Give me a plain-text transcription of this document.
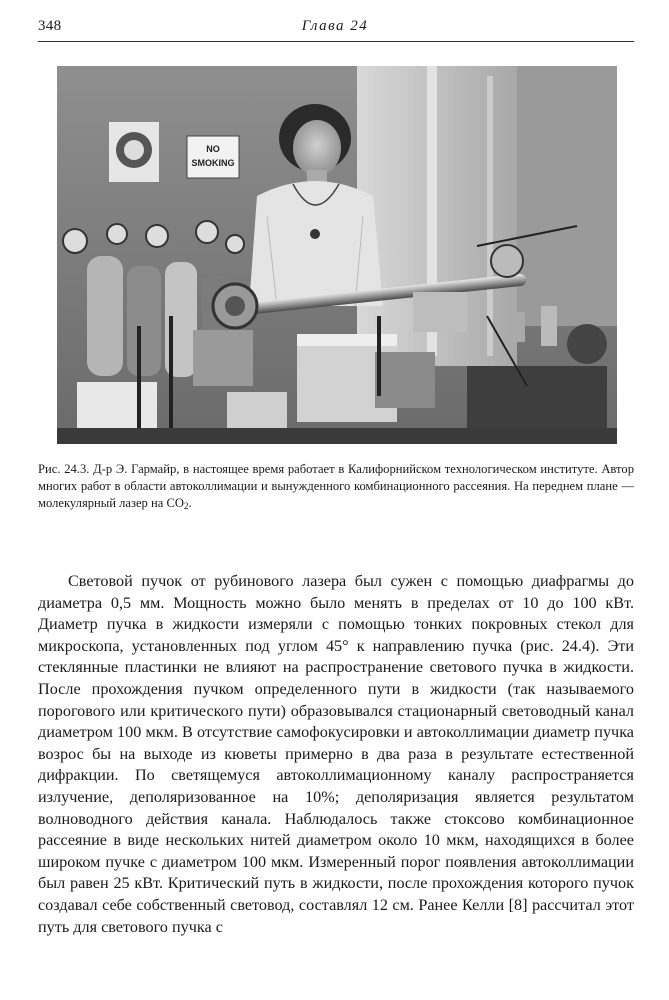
348	Глава 24
NO
SMOKING
Рис. 24.3. Д-р Э. Гармайр, в настоящее время работает в Калифорнийском технологическом институте. Автор многих работ в области автоколлимации и вынужденного комбинационного рассеяния. На переднем плане — молекулярный лазер на $CO_2$.

Световой пучок от рубинового лазера был сужен с помощью диафрагмы до диаметра 0,5 мм. Мощность можно было менять в пределах от 10 до 100 кВт. Диаметр пучка в жидкости измеряли с помощью тонких покровных стекол для микроскопа, установленных под углом 45° к направлению пучка (рис. 24.4). Эти стеклянные пластинки не влияют на распространение светового пучка в жидкости. После прохождения пучком определенного пути в жидкости (так называемого порогового или критического пути) образовывался стационарный световодный канал диаметром 100 мкм. В отсутствие самофокусировки и автоколлимации диаметр пучка возрос бы на выходе из кюветы примерно в два раза в результате естественной дифракции. По светящемуся автоколлимационному каналу распространяется излучение, деполяризованное на 10%; деполяризация является результатом волноводного действия канала. Наблюдалось также стоксово комбинационное рассеяние в виде нескольких нитей диаметром около 10 мкм, находящихся в более широком пучке с диаметром 100 мкм. Измеренный порог появления автоколлимации был равен 25 кВт. Критический путь в жидкости, после прохождения которого пучок создавал себе собственный световод, составлял 12 см. Ранее Келли [8] рассчитал этот путь для светового пучка с
